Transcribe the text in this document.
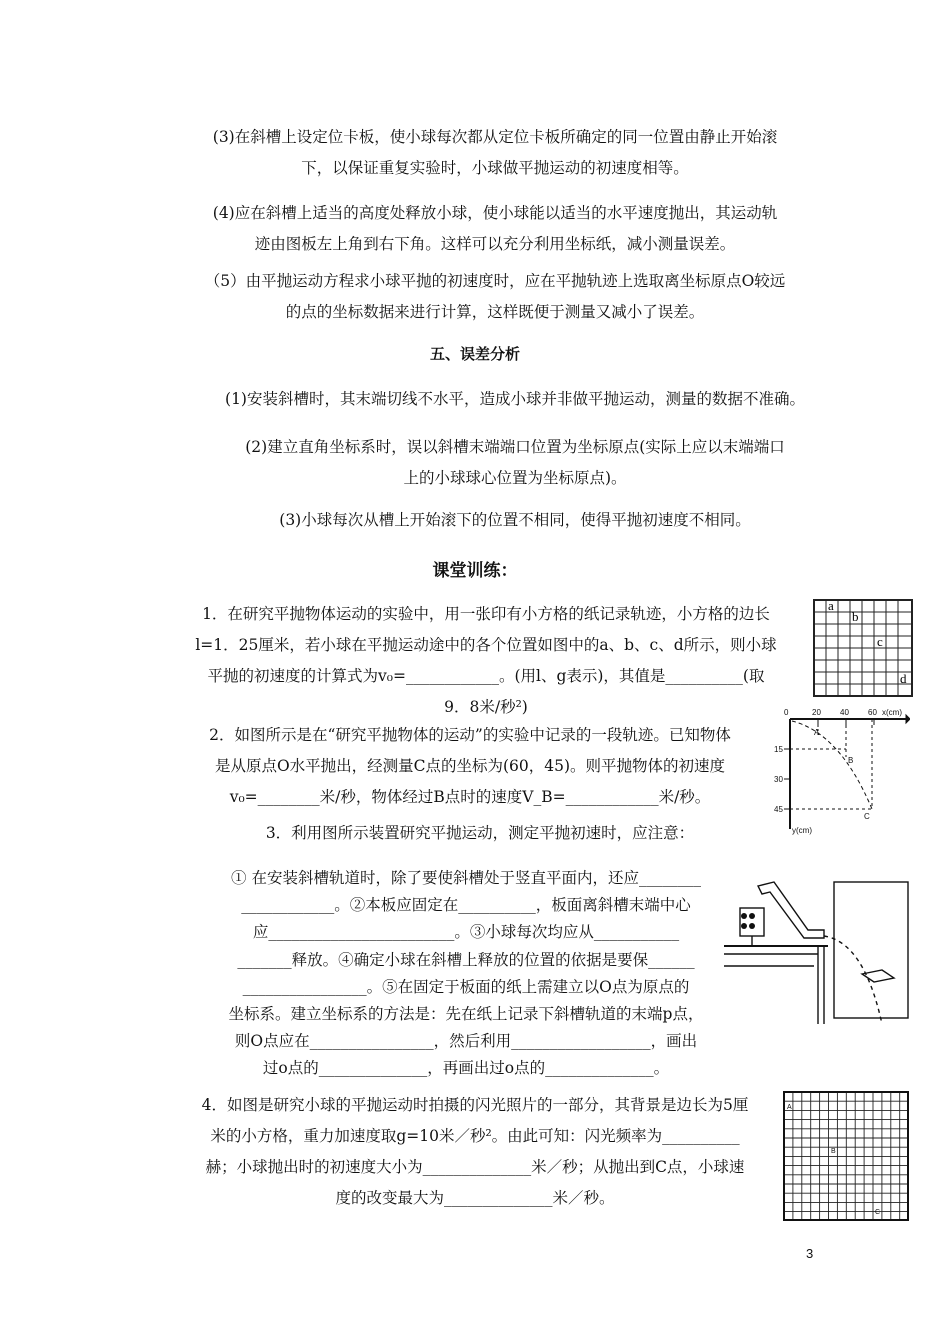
(3)在斜槽上设定位卡板，使小球每次都从定位卡板所确定的同一位置由静止开始滚
下，以保证重复实验时，小球做平抛运动的初速度相等。
(4)应在斜槽上适当的高度处释放小球，使小球能以适当的水平速度抛出，其运动轨
迹由图板左上角到右下角。这样可以充分利用坐标纸，减小测量误差。
（5）由平抛运动方程求小球平抛的初速度时，应在平抛轨迹上选取离坐标原点O较远
的点的坐标数据来进行计算，这样既便于测量又减小了误差。
五、误差分析
(1)安装斜槽时，其末端切线不水平，造成小球并非做平抛运动，测量的数据不准确。
(2)建立直角坐标系时，误以斜槽末端端口位置为坐标原点(实际上应以末端端口
上的小球球心位置为坐标原点)。
(3)小球每次从槽上开始滚下的位置不相同，使得平抛初速度不相同。
课堂训练：
1．在研究平抛物体运动的实验中，用一张印有小方格的纸记录轨迹，小方格的边长
l=1．25厘米，若小球在平抛运动途中的各个位置如图中的a、b、c、d所示，则小球
平抛的初速度的计算式为v₀=____________。(用l、g表示)，其值是__________(取
9．8米/秒²)
a
b
c
d
2．如图所示是在“研究平抛物体的运动”的实验中记录的一段轨迹。已知物体
是从原点O水平抛出，经测量C点的坐标为(60，45)。则平抛物体的初速度
v₀=________米/秒，物体经过B点时的速度V_B=____________米/秒。
0	20 40 60 x(cm)
15
30
45
y(cm)
A
B
C
3．利用图所示装置研究平抛运动，测定平抛初速时，应注意：
① 在安装斜槽轨道时，除了要使斜槽处于竖直平面内，还应________
____________。②本板应固定在__________，板面离斜槽末端中心
应________________________。③小球每次均应从___________
_______释放。④确定小球在斜槽上释放的位置的依据是要保______
________________。⑤在固定于板面的纸上需建立以O点为原点的
坐标系。建立坐标系的方法是：先在纸上记录下斜槽轨道的末端p点，
则O点应在________________，然后利用__________________，画出
过o点的______________，再画出过o点的______________。
4．如图是研究小球的平抛运动时拍摄的闪光照片的一部分，其背景是边长为5厘
米的小方格，重力加速度取g=10米／秒²。由此可知：闪光频率为__________
赫；小球抛出时的初速度大小为______________米／秒；从抛出到C点，小球速
度的改变最大为______________米／秒。
A
B
C
3
